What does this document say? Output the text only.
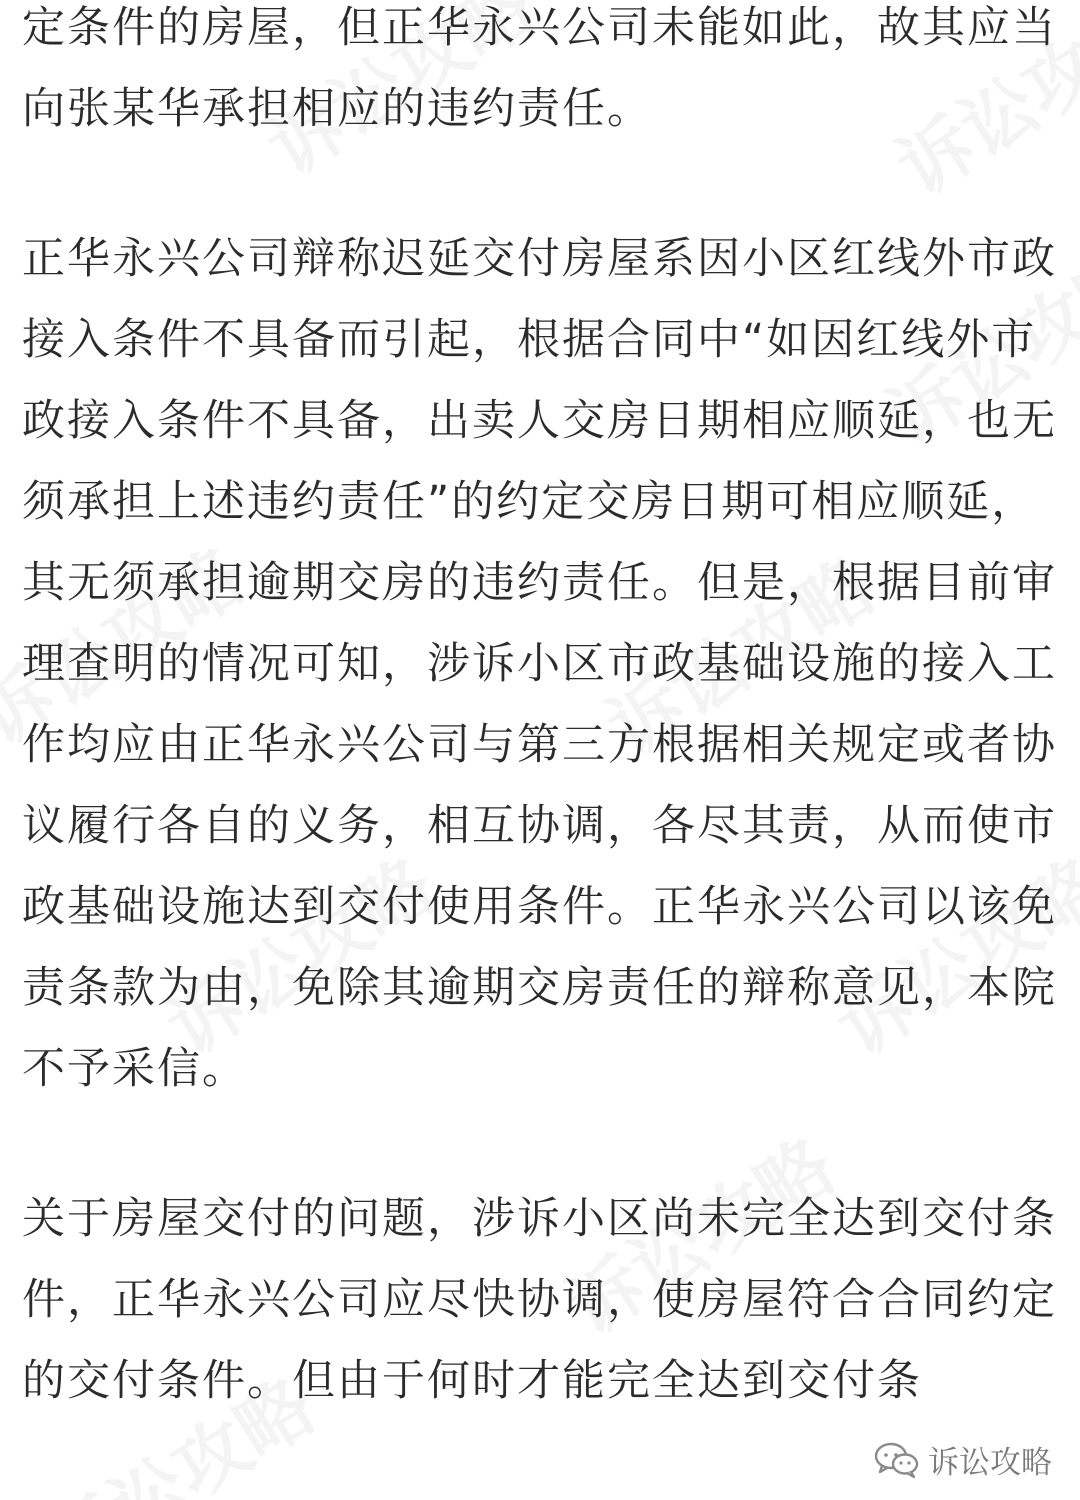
定条件的房屋，但正华永兴公司未能如此，故其应当向张某华承担相应的违约责任。

正华永兴公司辩称迟延交付房屋系因小区红线外市政接入条件不具备而引起，根据合同中“如因红线外市政接入条件不具备，出卖人交房日期相应顺延，也无须承担上述违约责任”的约定交房日期可相应顺延，其无须承担逾期交房的违约责任。但是，根据目前审理查明的情况可知，涉诉小区市政基础设施的接入工作均应由正华永兴公司与第三方根据相关规定或者协议履行各自的义务，相互协调，各尽其责，从而使市政基础设施达到交付使用条件。正华永兴公司以该免责条款为由，免除其逾期交房责任的辩称意见，本院不予采信。

关于房屋交付的问题，涉诉小区尚未完全达到交付条件，正华永兴公司应尽快协调，使房屋符合合同约定的交付条件。但由于何时才能完全达到交付条

诉讼攻略
